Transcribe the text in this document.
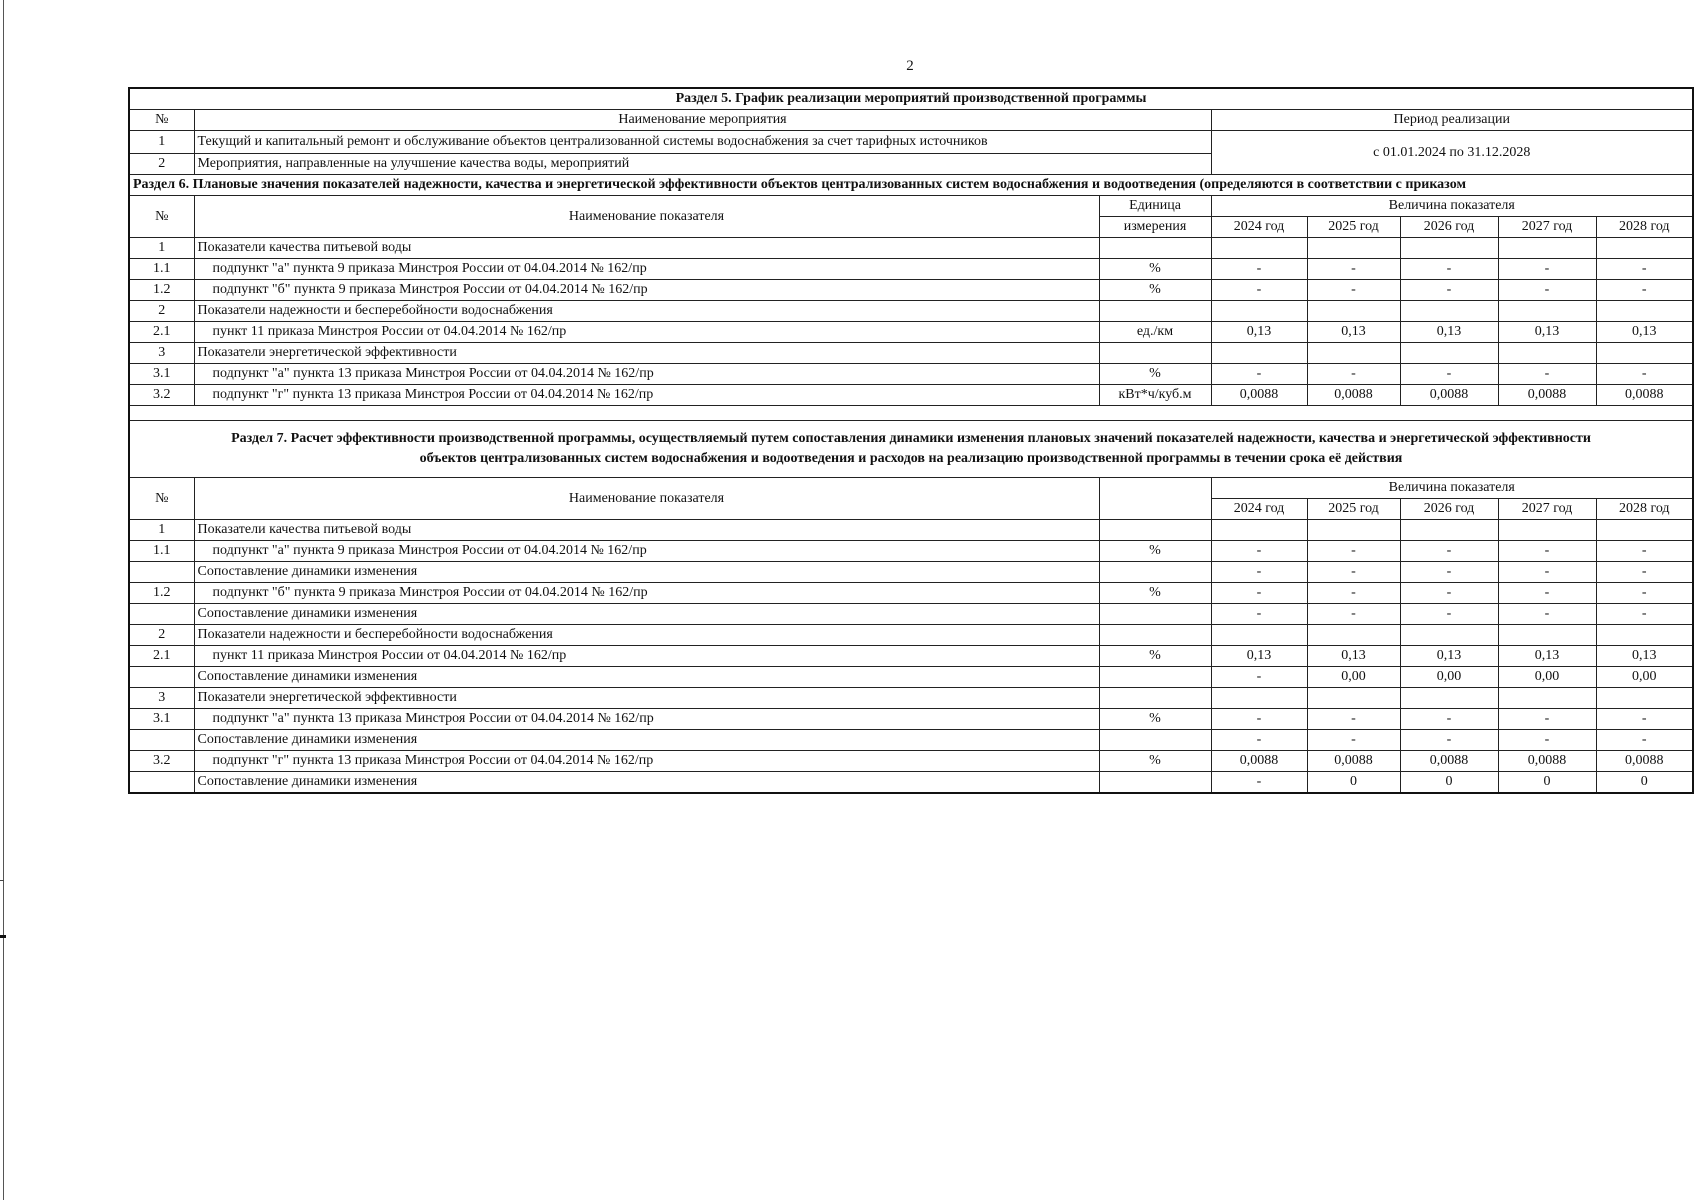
2
Раздел 5. График реализации мероприятий производственной программы							
№	Наименование мероприятия		Период реализации				
1	Текущий и капитальный ремонт и обслуживание объектов централизованной системы водоснабжения за счет тарифных источников		с 01.01.2024 по 31.12.2028				
2	Мероприятия, направленные на улучшение качества воды, мероприятий						
Раздел 6. Плановые значения показателей надежности, качества и энергетической эффективности объектов централизованных систем водоснабжения и водоотведения (определяются в соответствии с приказом							
№	Наименование показателя	Единица	Величина показателя				
		измерения	2024 год	2025 год	2026 год	2027 год	2028 год
1	Показатели качества питьевой воды						
1.1	подпункт "а" пункта 9 приказа Минстроя России от 04.04.2014 № 162/пр	%	-	-	-	-	-
1.2	подпункт "б" пункта 9 приказа Минстроя России от 04.04.2014 № 162/пр	%	-	-	-	-	-
2	Показатели надежности и бесперебойности водоснабжения						
2.1	пункт 11 приказа Минстроя России от 04.04.2014 № 162/пр	ед./км	0,13	0,13	0,13	0,13	0,13
3	Показатели энергетической эффективности						
3.1	подпункт "а" пункта 13 приказа Минстроя России от 04.04.2014 № 162/пр	%	-	-	-	-	-
3.2	подпункт "г" пункта 13 приказа Минстроя России от 04.04.2014 № 162/пр	кВт*ч/куб.м	0,0088	0,0088	0,0088	0,0088	0,0088

Раздел 7. Расчет эффективности производственной программы, осуществляемый путем сопоставления динамики изменения плановых значений показателей надежности, качества и энергетической эффективности
объектов централизованных систем водоснабжения и водоотведения и расходов на реализацию производственной программы в течении срока её действия							
№	Наименование показателя		Величина показателя				
			2024 год	2025 год	2026 год	2027 год	2028 год
1	Показатели качества питьевой воды						
1.1	подпункт "а" пункта 9 приказа Минстроя России от 04.04.2014 № 162/пр	%	-	-	-	-	-
	Сопоставление динамики изменения		-	-	-	-	-
1.2	подпункт "б" пункта 9 приказа Минстроя России от 04.04.2014 № 162/пр	%	-	-	-	-	-
	Сопоставление динамики изменения		-	-	-	-	-
2	Показатели надежности и бесперебойности водоснабжения						
2.1	пункт 11 приказа Минстроя России от 04.04.2014 № 162/пр	%	0,13	0,13	0,13	0,13	0,13
	Сопоставление динамики изменения		-	0,00	0,00	0,00	0,00
3	Показатели энергетической эффективности						
3.1	подпункт "а" пункта 13 приказа Минстроя России от 04.04.2014 № 162/пр	%	-	-	-	-	-
	Сопоставление динамики изменения		-	-	-	-	-
3.2	подпункт "г" пункта 13 приказа Минстроя России от 04.04.2014 № 162/пр	%	0,0088	0,0088	0,0088	0,0088	0,0088
	Сопоставление динамики изменения		-	0	0	0	0
